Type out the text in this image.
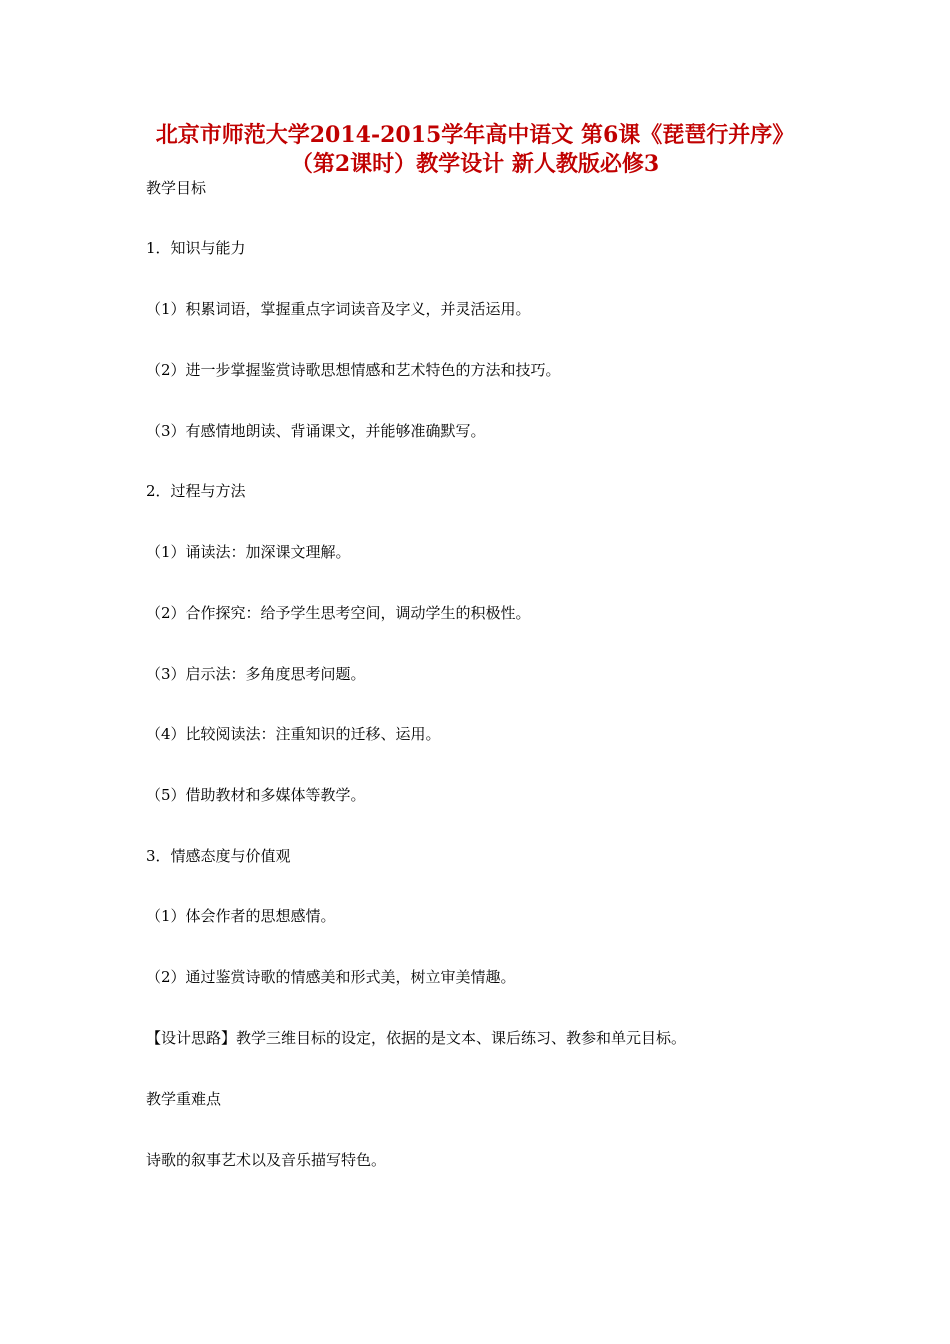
北京市师范大学2014-2015学年高中语文 第6课《琵琶行并序》
（第2课时）教学设计 新人教版必修3
教学目标
1．知识与能力
（1）积累词语，掌握重点字词读音及字义，并灵活运用。
（2）进一步掌握鉴赏诗歌思想情感和艺术特色的方法和技巧。
（3）有感情地朗读、背诵课文，并能够准确默写。
2．过程与方法
（1）诵读法：加深课文理解。
（2）合作探究：给予学生思考空间，调动学生的积极性。
（3）启示法：多角度思考问题。
（4）比较阅读法：注重知识的迁移、运用。
（5）借助教材和多媒体等教学。
3．情感态度与价值观
（1）体会作者的思想感情。
（2）通过鉴赏诗歌的情感美和形式美，树立审美情趣。
【设计思路】教学三维目标的设定，依据的是文本、课后练习、教参和单元目标。
教学重难点
诗歌的叙事艺术以及音乐描写特色。
